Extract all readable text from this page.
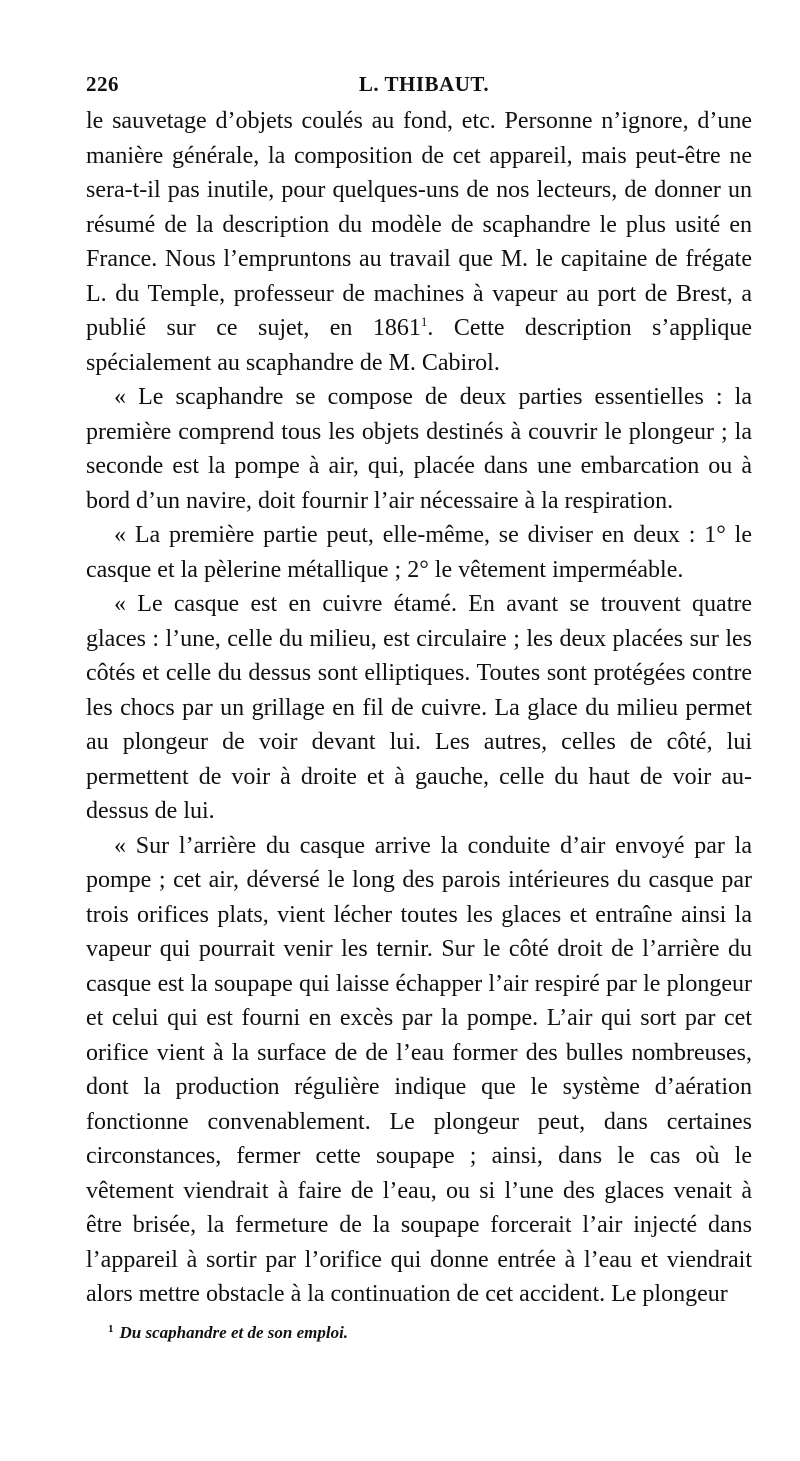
226	L. THIBAUT.

le sauvetage d’objets coulés au fond, etc. Personne n’ignore, d’une manière générale, la composition de cet appareil, mais peut-être ne sera-t-il pas inutile, pour quelques-uns de nos lecteurs, de donner un résumé de la description du modèle de scaphandre le plus usité en France. Nous l’empruntons au travail que M. le capitaine de frégate L. du Temple, professeur de machines à vapeur au port de Brest, a publié sur ce sujet, en 1861$^1$. Cette description s’applique spécialement au scaphandre de M. Cabirol.

« Le scaphandre se compose de deux parties essentielles : la première comprend tous les objets destinés à couvrir le plongeur ; la seconde est la pompe à air, qui, placée dans une embarcation ou à bord d’un navire, doit fournir l’air nécessaire à la respiration.

« La première partie peut, elle-même, se diviser en deux : 1° le casque et la pèlerine métallique ; 2° le vêtement imperméable.

« Le casque est en cuivre étamé. En avant se trouvent quatre glaces : l’une, celle du milieu, est circulaire ; les deux placées sur les côtés et celle du dessus sont elliptiques. Toutes sont protégées contre les chocs par un grillage en fil de cuivre. La glace du milieu permet au plongeur de voir devant lui. Les autres, celles de côté, lui permettent de voir à droite et à gauche, celle du haut de voir au-dessus de lui.

« Sur l’arrière du casque arrive la conduite d’air envoyé par la pompe ; cet air, déversé le long des parois intérieures du casque par trois orifices plats, vient lécher toutes les glaces et entraîne ainsi la vapeur qui pourrait venir les ternir. Sur le côté droit de l’arrière du casque est la soupape qui laisse échapper l’air respiré par le plongeur et celui qui est fourni en excès par la pompe. L’air qui sort par cet orifice vient à la surface de de l’eau former des bulles nombreuses, dont la production régulière indique que le système d’aération fonctionne convenablement. Le plongeur peut, dans certaines circonstances, fermer cette soupape ; ainsi, dans le cas où le vêtement viendrait à faire de l’eau, ou si l’une des glaces venait à être brisée, la fermeture de la soupape forcerait l’air injecté dans l’appareil à sortir par l’orifice qui donne entrée à l’eau et viendrait alors mettre obstacle à la continuation de cet accident. Le plongeur

$^1$ Du scaphandre et de son emploi.
